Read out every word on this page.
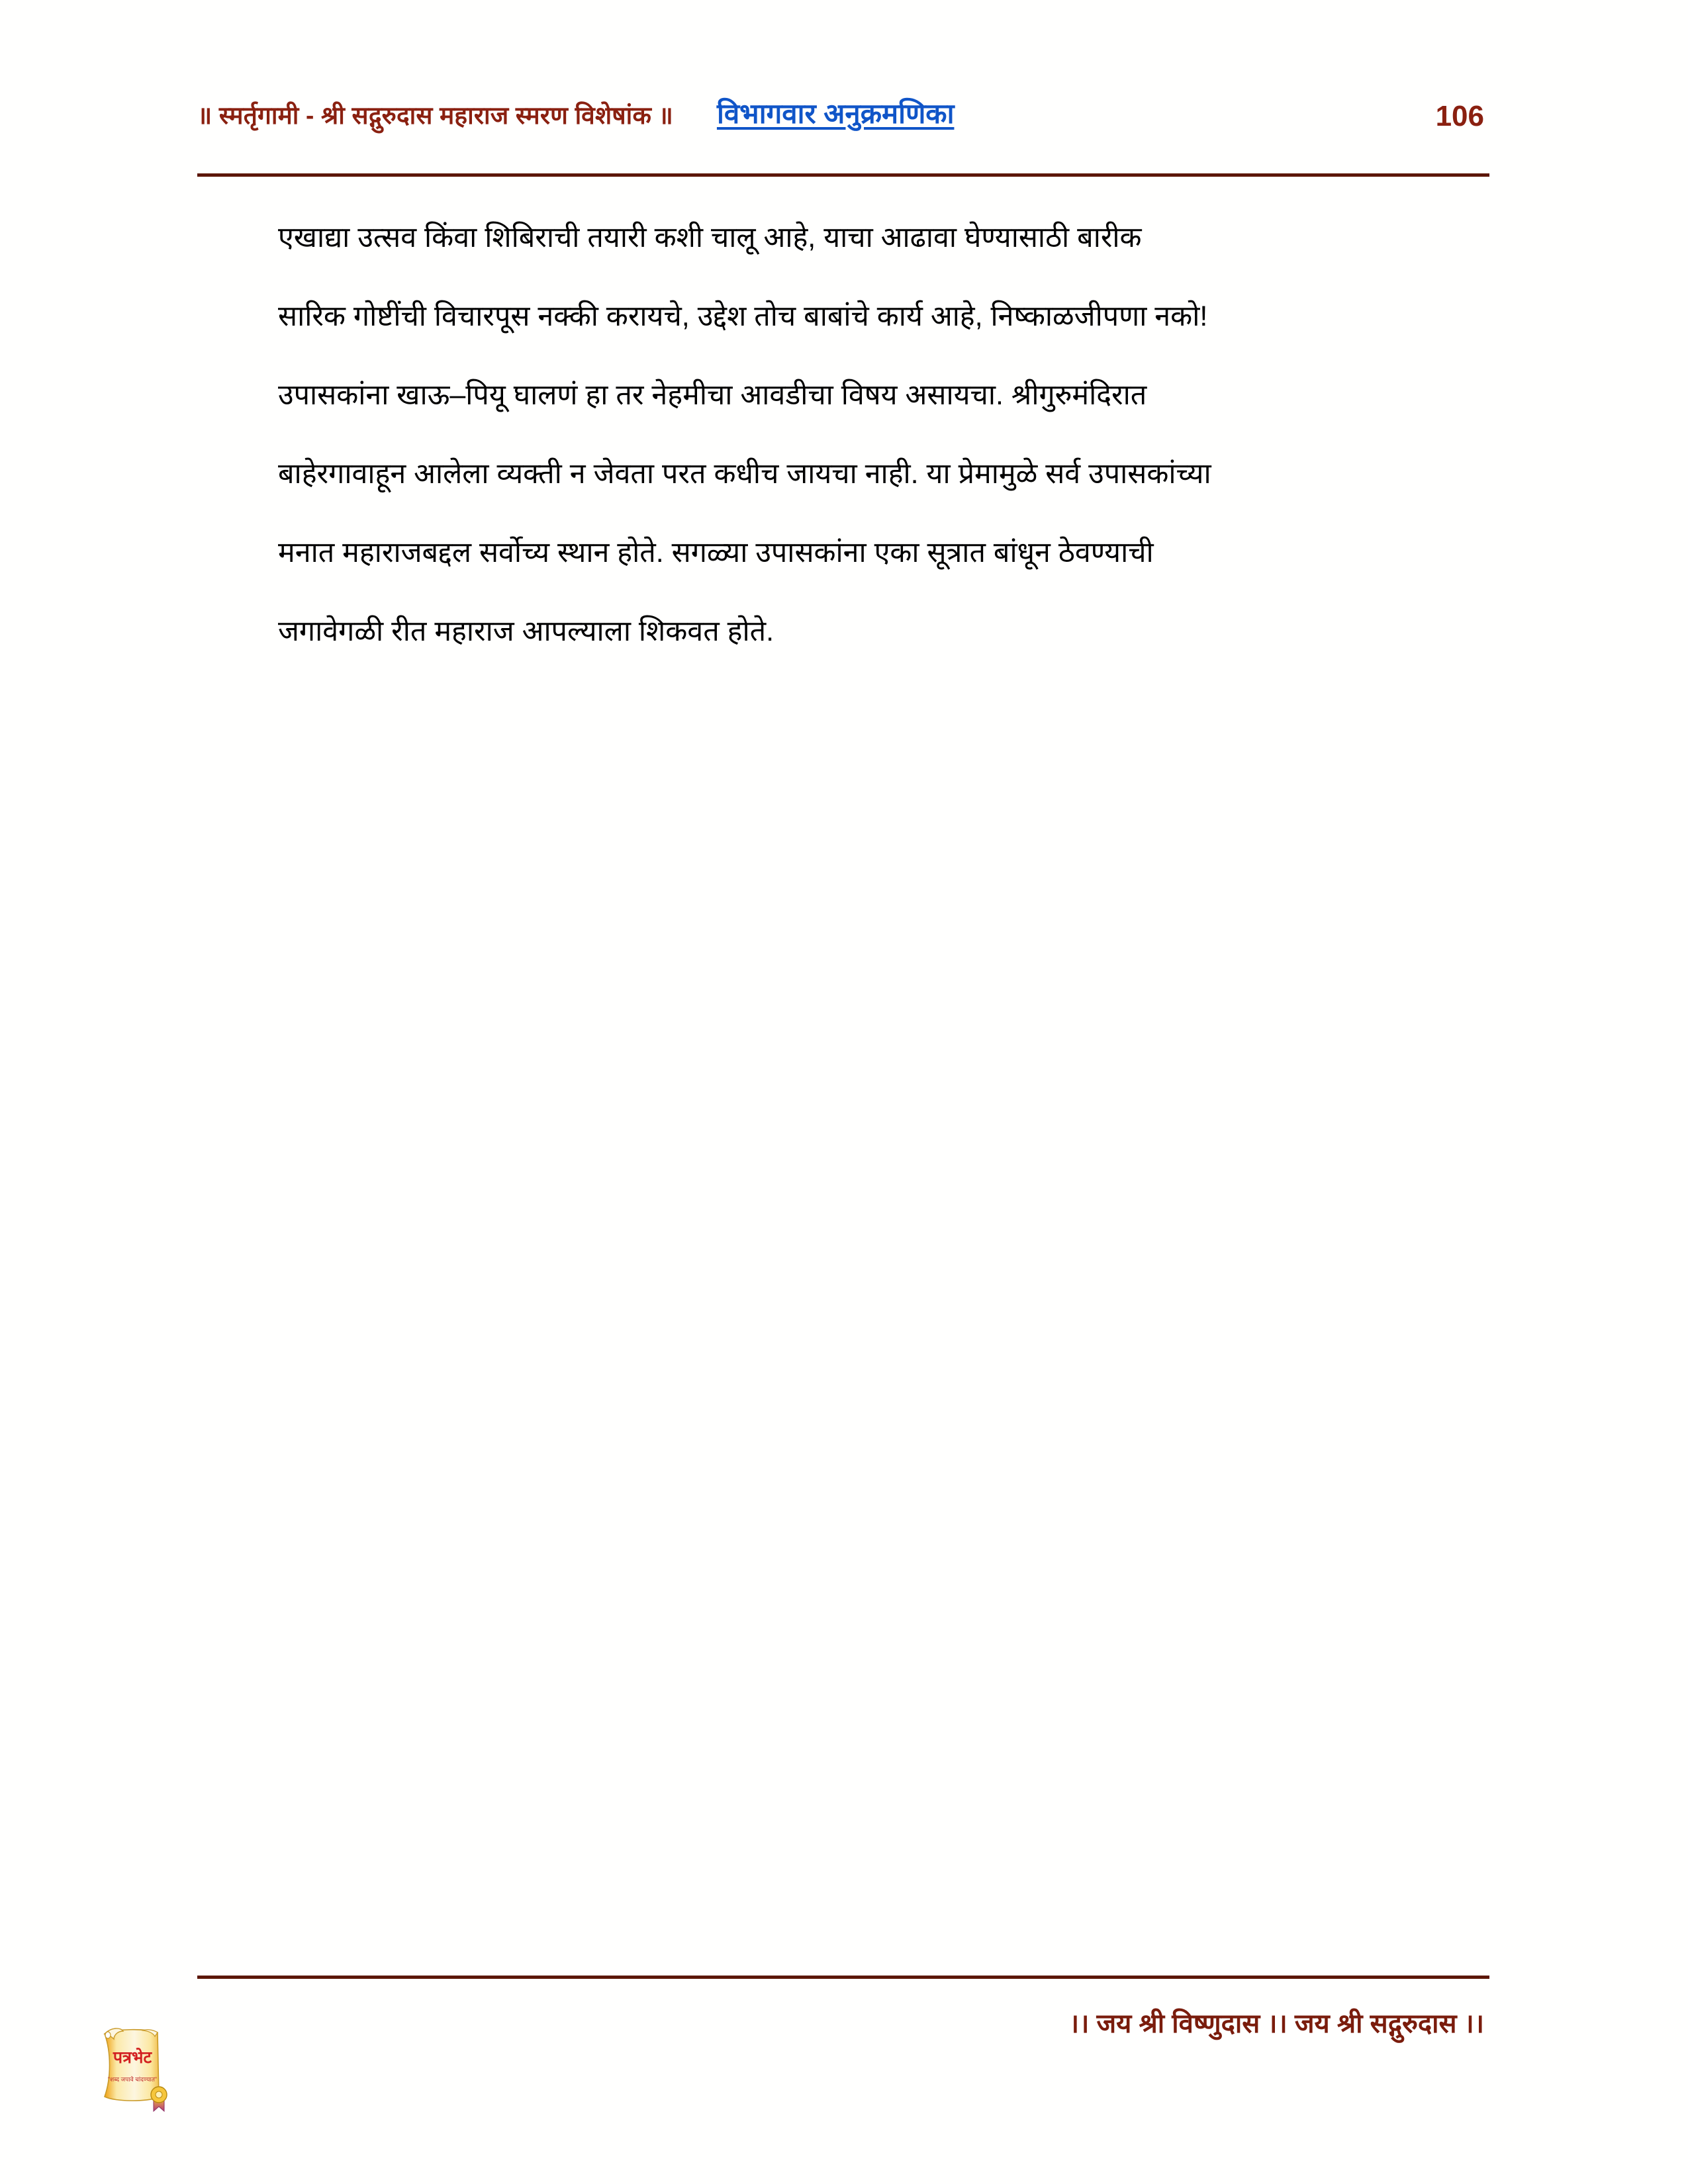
॥ स्मर्तृगामी - श्री सद्गुरुदास महाराज स्मरण विशेषांक ॥ विभागवार अनुक्रमणिका	106

एखाद्या उत्सव किंवा शिबिराची तयारी कशी चालू आहे, याचा आढावा घेण्यासाठी बारीक
सारिक गोष्टींची विचारपूस नक्की करायचे, उद्देश तोच बाबांचे कार्य आहे, निष्काळजीपणा नको!
उपासकांना खाऊ–पियू घालणं हा तर नेहमीचा आवडीचा विषय असायचा. श्रीगुरुमंदिरात
बाहेरगावाहून आलेला व्यक्ती न जेवता परत कधीच जायचा नाही. या प्रेमामुळे सर्व उपासकांच्या
मनात महाराजबद्दल सर्वोच्य स्थान होते. सगळ्या उपासकांना एका सूत्रात बांधून ठेवण्याची
जगावेगळी रीत महाराज आपल्याला शिकवत होते.

।। जय श्री विष्णुदास ।। जय श्री सद्गुरुदास ।।
पत्रभेट
"शब्द जपावे चांदण्यात"
